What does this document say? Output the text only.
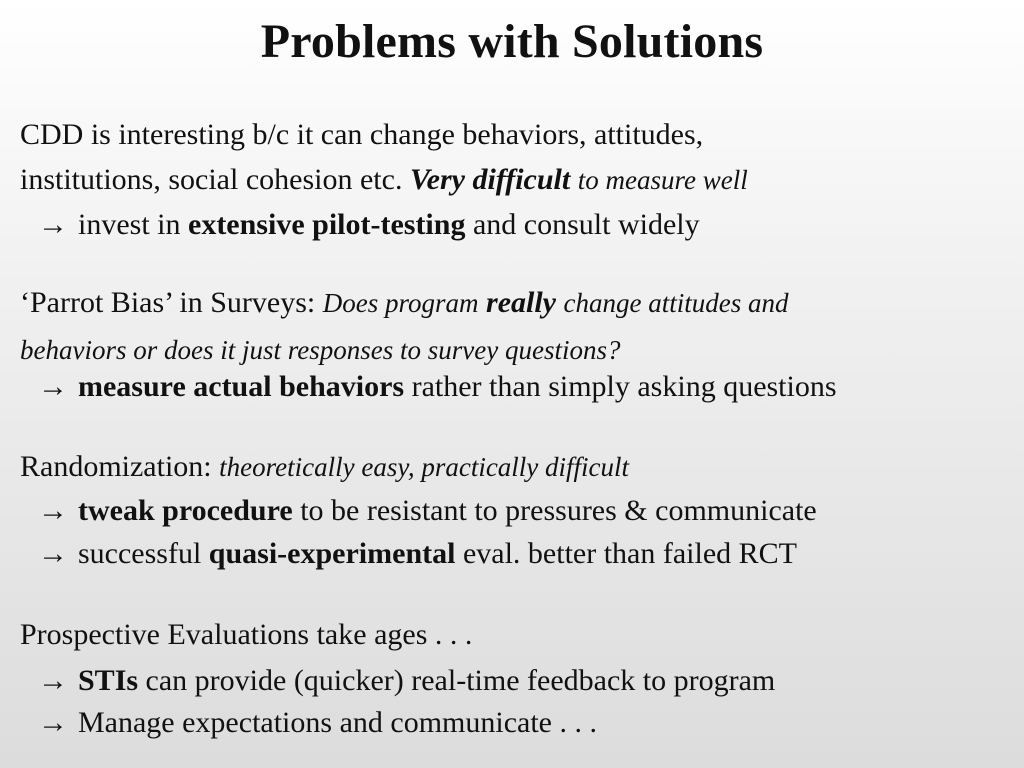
Problems with Solutions
CDD is interesting b/c it can change behaviors, attitudes,
institutions, social cohesion etc. Very difficult to measure well
→ invest in extensive pilot-testing and consult widely
‘Parrot Bias’ in Surveys: Does program really change attitudes and
behaviors or does it just responses to survey questions?
→ measure actual behaviors rather than simply asking questions
Randomization: theoretically easy, practically difficult
→ tweak procedure to be resistant to pressures & communicate
→ successful quasi-experimental eval. better than failed RCT
Prospective Evaluations take ages . . .
→ STIs can provide (quicker) real-time feedback to program
→ Manage expectations and communicate . . .
